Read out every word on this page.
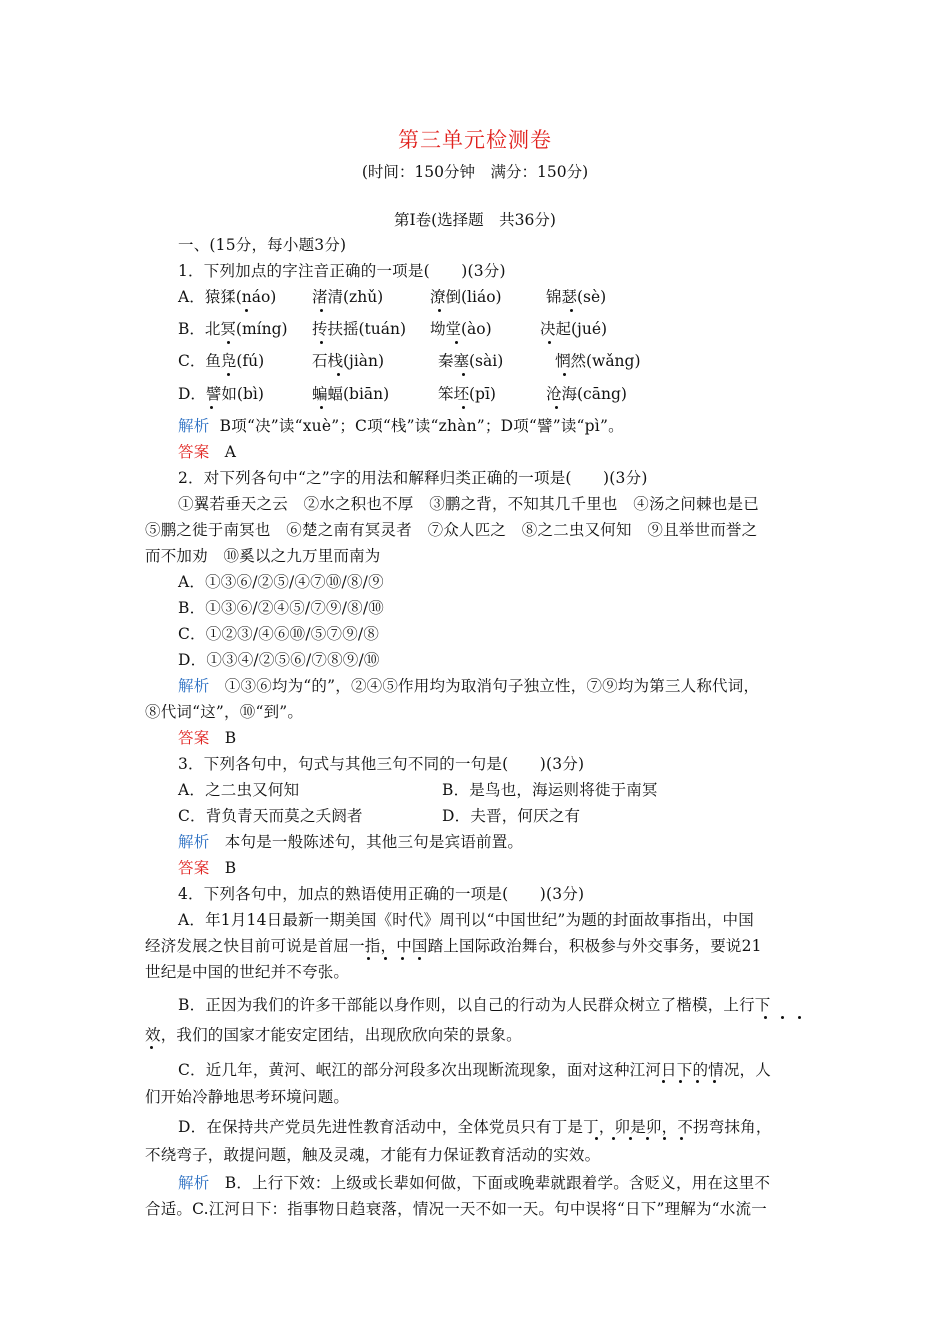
第三单元检测卷
(时间：150分钟　满分：150分)
第Ⅰ卷(选择题　共36分)
一、(15分，每小题3分)
1．下列加点的字注音正确的一项是(　　)(3分)
A．猿猱(náo) 渚清(zhǔ)	潦倒(liáo)	锦瑟(sè)
B．北冥(míng) 抟扶摇(tuán) 坳堂(ào)	决起(jué)
C．鱼凫(fú)	石栈(jiàn)	秦塞(sài)	惘然(wǎng)
D．譬如(bì)	蝙蝠(biān)	笨坯(pī)	沧海(cāng)
解析 B项“决”读“xuè”；C项“栈”读“zhàn”；D项“譬”读“pì”。
答案 A
2．对下列各句中“之”字的用法和解释归类正确的一项是(　　)(3分)
①翼若垂天之云　②水之积也不厚　③鹏之背，不知其几千里也　④汤之问棘也是已
⑤鹏之徙于南冥也　⑥楚之南有冥灵者　⑦众人匹之　⑧之二虫又何知　⑨且举世而誉之
而不加劝　⑩奚以之九万里而南为
A．①③⑥/②⑤/④⑦⑩/⑧/⑨
B．①③⑥/②④⑤/⑦⑨/⑧/⑩
C．①②③/④⑥⑩/⑤⑦⑨/⑧
D．①③④/②⑤⑥/⑦⑧⑨/⑩
解析 ①③⑥均为“的”，②④⑤作用均为取消句子独立性，⑦⑨均为第三人称代词，
⑧代词“这”，⑩“到”。
答案 B
3．下列各句中，句式与其他三句不同的一句是(　　)(3分)
A．之二虫又何知	B．是鸟也，海运则将徙于南冥
C．背负青天而莫之夭阏者	D．夫晋，何厌之有
解析 本句是一般陈述句，其他三句是宾语前置。
答案 B
4．下列各句中，加点的熟语使用正确的一项是(　　)(3分)
A．年1月14日最新一期美国《时代》周刊以“中国世纪”为题的封面故事指出，中国
经济发展之快目前可说是首屈一指，中国踏上国际政治舞台，积极参与外交事务，要说21
世纪是中国的世纪并不夸张。
B．正因为我们的许多干部能以身作则，以自己的行动为人民群众树立了楷模，上行下
效，我们的国家才能安定团结，出现欣欣向荣的景象。
C．近几年，黄河、岷江的部分河段多次出现断流现象，面对这种江河日下的情况，人
们开始冷静地思考环境问题。
D．在保持共产党员先进性教育活动中，全体党员只有丁是丁，卯是卯，不拐弯抹角，
不绕弯子，敢提问题，触及灵魂，才能有力保证教育活动的实效。
解析 B．上行下效：上级或长辈如何做，下面或晚辈就跟着学。含贬义，用在这里不
合适。C.江河日下：指事物日趋衰落，情况一天不如一天。句中误将“日下”理解为“水流一
